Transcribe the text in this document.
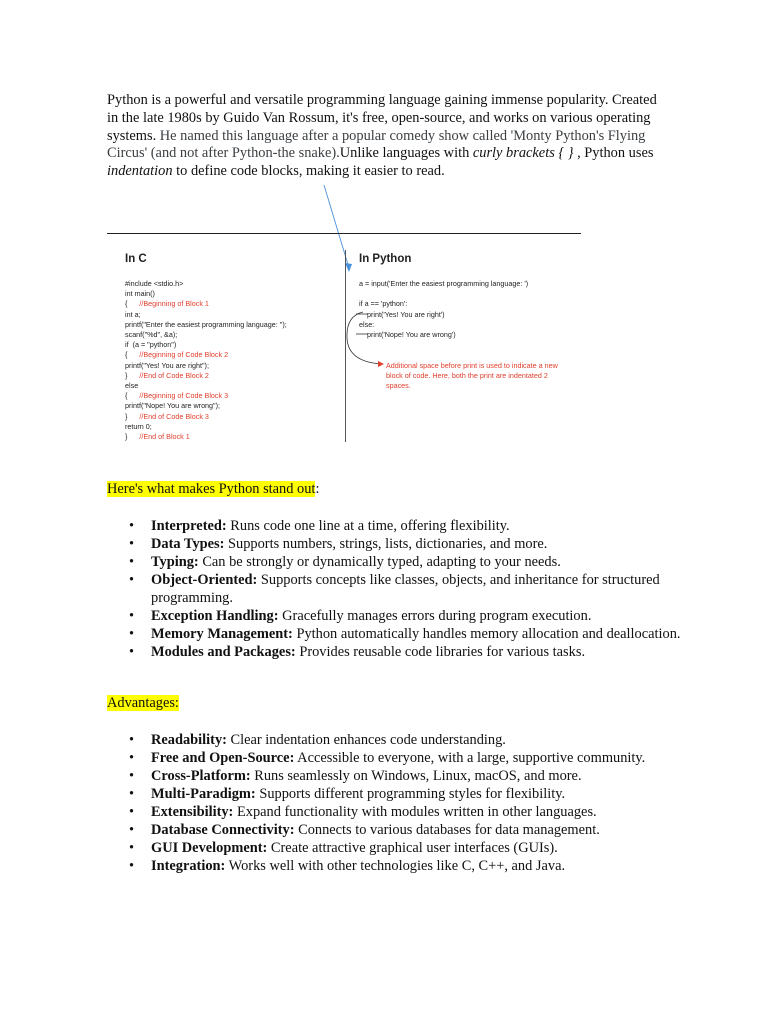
Python is a powerful and versatile programming language gaining immense popularity. Created in the late 1980s by Guido Van Rossum, it's free, open-source, and works on various operating systems. He named this language after a popular comedy show called 'Monty Python's Flying Circus' (and not after Python-the snake).Unlike languages with curly brackets { } , Python uses indentation to define code blocks, making it easier to read.

In C	In Python
#include <stdio.h>
int main()
{      //Beginning of Block 1
int a;
printf("Enter the easiest programming language: ");
scanf("%d", &a);
if  (a = "python")
{      //Beginning of Code Block 2
printf("Yes! You are right");
}      //End of Code Block 2
else
{      //Beginning of Code Block 3
printf("Nope! You are wrong");
}      //End of Code Block 3
return 0;
}      //End of Block 1
a = input('Enter the easiest programming language: ')
if a == 'python':
print('Yes! You are right')
else:
print('Nope! You are wrong')
Additional space before print is used to indicate a new block of code. Here, both the print are indentated 2 spaces.

Here's what makes Python stand out:

• Interpreted: Runs code one line at a time, offering flexibility.
• Data Types: Supports numbers, strings, lists, dictionaries, and more.
• Typing: Can be strongly or dynamically typed, adapting to your needs.
• Object-Oriented: Supports concepts like classes, objects, and inheritance for structured programming.
• Exception Handling: Gracefully manages errors during program execution.
• Memory Management: Python automatically handles memory allocation and deallocation.
• Modules and Packages: Provides reusable code libraries for various tasks.

Advantages:

• Readability: Clear indentation enhances code understanding.
• Free and Open-Source: Accessible to everyone, with a large, supportive community.
• Cross-Platform: Runs seamlessly on Windows, Linux, macOS, and more.
• Multi-Paradigm: Supports different programming styles for flexibility.
• Extensibility: Expand functionality with modules written in other languages.
• Database Connectivity: Connects to various databases for data management.
• GUI Development: Create attractive graphical user interfaces (GUIs).
• Integration: Works well with other technologies like C, C++, and Java.
